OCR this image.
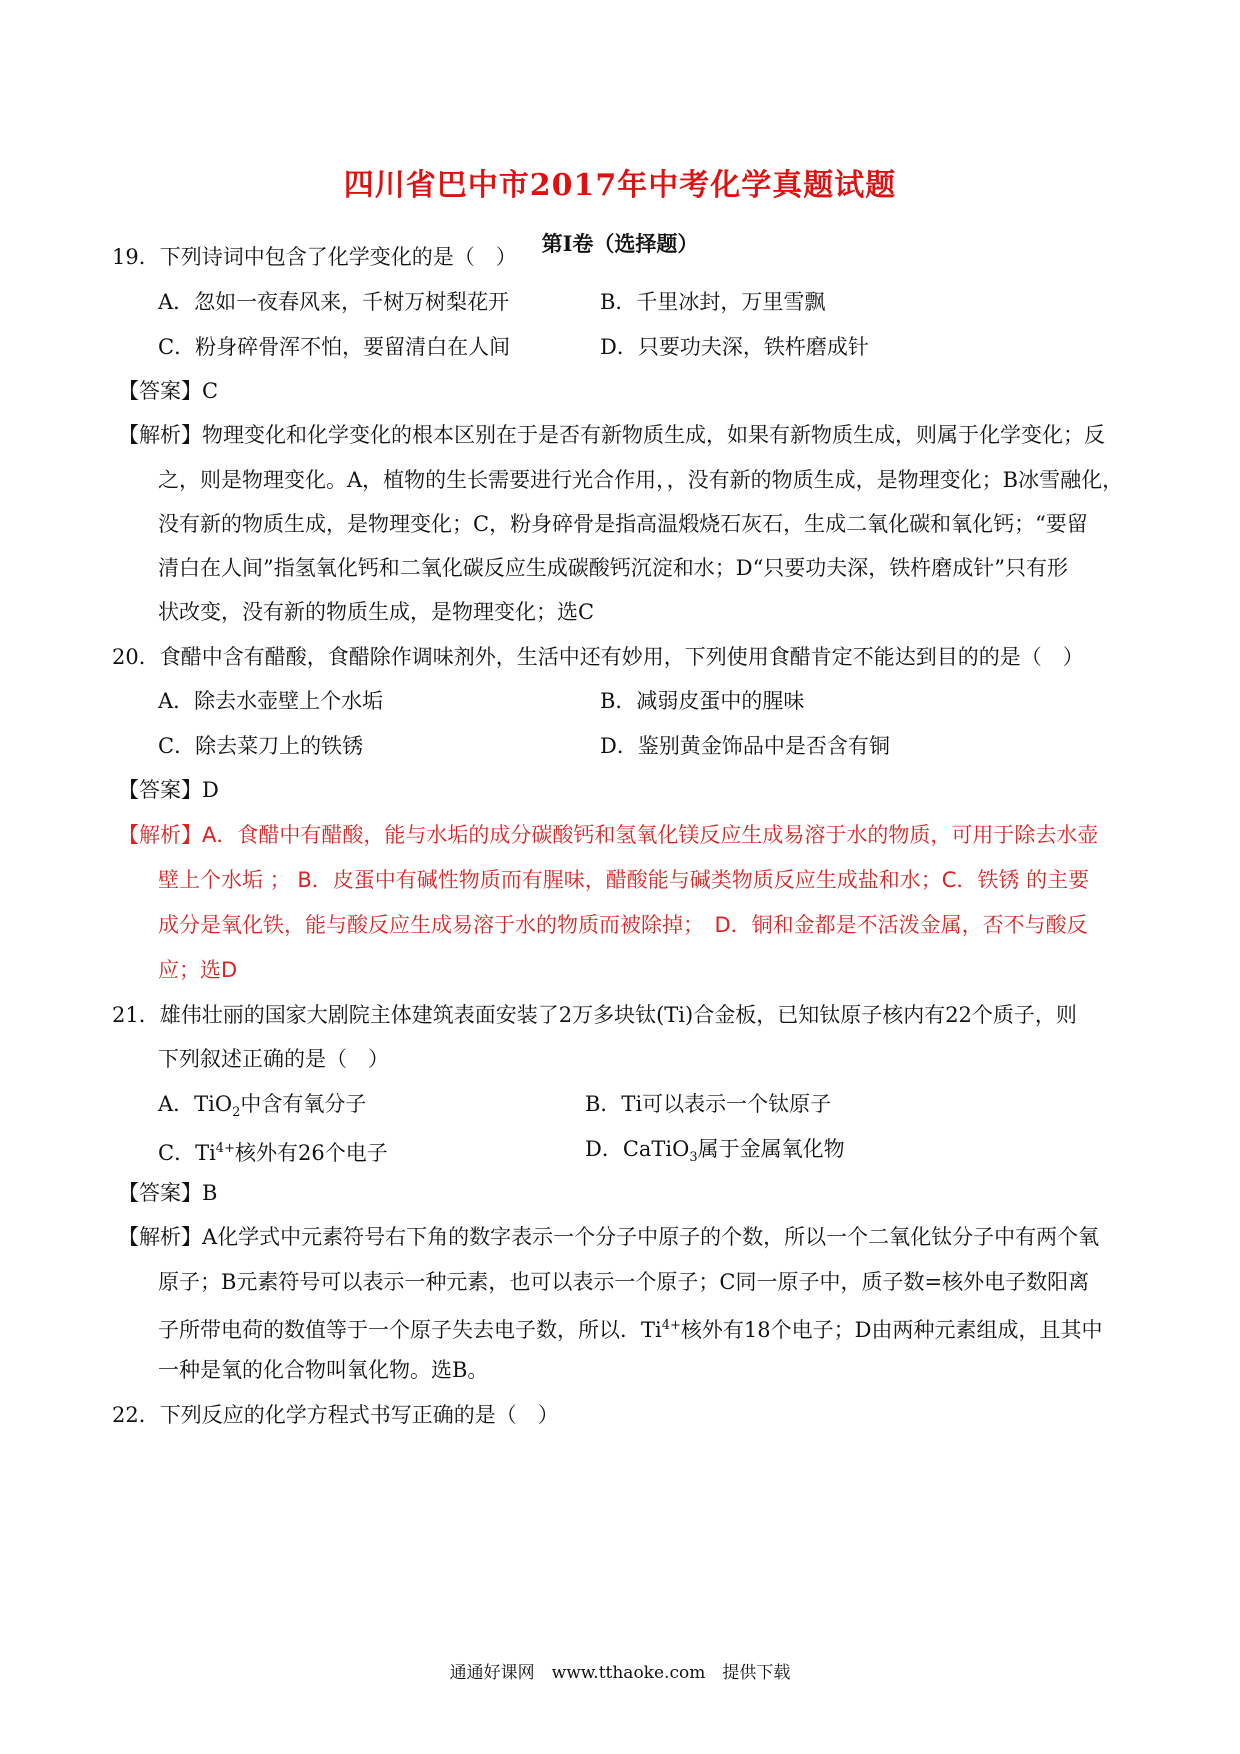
四川省巴中市2017年中考化学真题试题
第Ⅰ卷（选择题）
19．下列诗词中包含了化学变化的是（　）
A．忽如一夜春风来，千树万树梨花开	B．千里冰封，万里雪飘
C．粉身碎骨浑不怕，要留清白在人间	D．只要功夫深，铁杵磨成针
【答案】C
【解析】物理变化和化学变化的根本区别在于是否有新物质生成，如果有新物质生成，则属于化学变化；反
之，则是物理变化。A，植物的生长需要进行光合作用，，没有新的物质生成，是物理变化；B冰雪融化，
没有新的物质生成，是物理变化；C，粉身碎骨是指高温煅烧石灰石，生成二氧化碳和氧化钙；“要留
清白在人间”指氢氧化钙和二氧化碳反应生成碳酸钙沉淀和水；D“只要功夫深，铁杵磨成针”只有形
状改变，没有新的物质生成，是物理变化；选C
20．食醋中含有醋酸，食醋除作调味剂外，生活中还有妙用，下列使用食醋肯定不能达到目的的是（　）
A．除去水壶壁上个水垢	B．减弱皮蛋中的腥味
C．除去菜刀上的铁锈	D．鉴别黄金饰品中是否含有铜
【答案】D
【解析】A．食醋中有醋酸，能与水垢的成分碳酸钙和氢氧化镁反应生成易溶于水的物质，可用于除去水壶
壁上个水垢 ； B．皮蛋中有碱性物质而有腥味，醋酸能与碱类物质反应生成盐和水；C．铁锈 的主要
成分是氧化铁，能与酸反应生成易溶于水的物质而被除掉；　D．铜和金都是不活泼金属，否不与酸反
应；选D
21．雄伟壮丽的国家大剧院主体建筑表面安装了2万多块钛(Ti)合金板，已知钛原子核内有22个质子，则
下列叙述正确的是（　）
A．TiO$_2$中含有氧分子	B．Ti可以表示一个钛原子
C．$Ti^{4+}$核外有26个电子	D．CaTiO$_3$属于金属氧化物
【答案】B
【解析】A化学式中元素符号右下角的数字表示一个分子中原子的个数，所以一个二氧化钛分子中有两个氧
原子；B元素符号可以表示一种元素，也可以表示一个原子；C同一原子中，质子数=核外电子数阳离
子所带电荷的数值等于一个原子失去电子数，所以．$Ti^{4+}$核外有18个电子；D由两种元素组成，且其中
一种是氧的化合物叫氧化物。选B。
22．下列反应的化学方程式书写正确的是（　）
通通好课网　www.tthaoke.com　提供下载
